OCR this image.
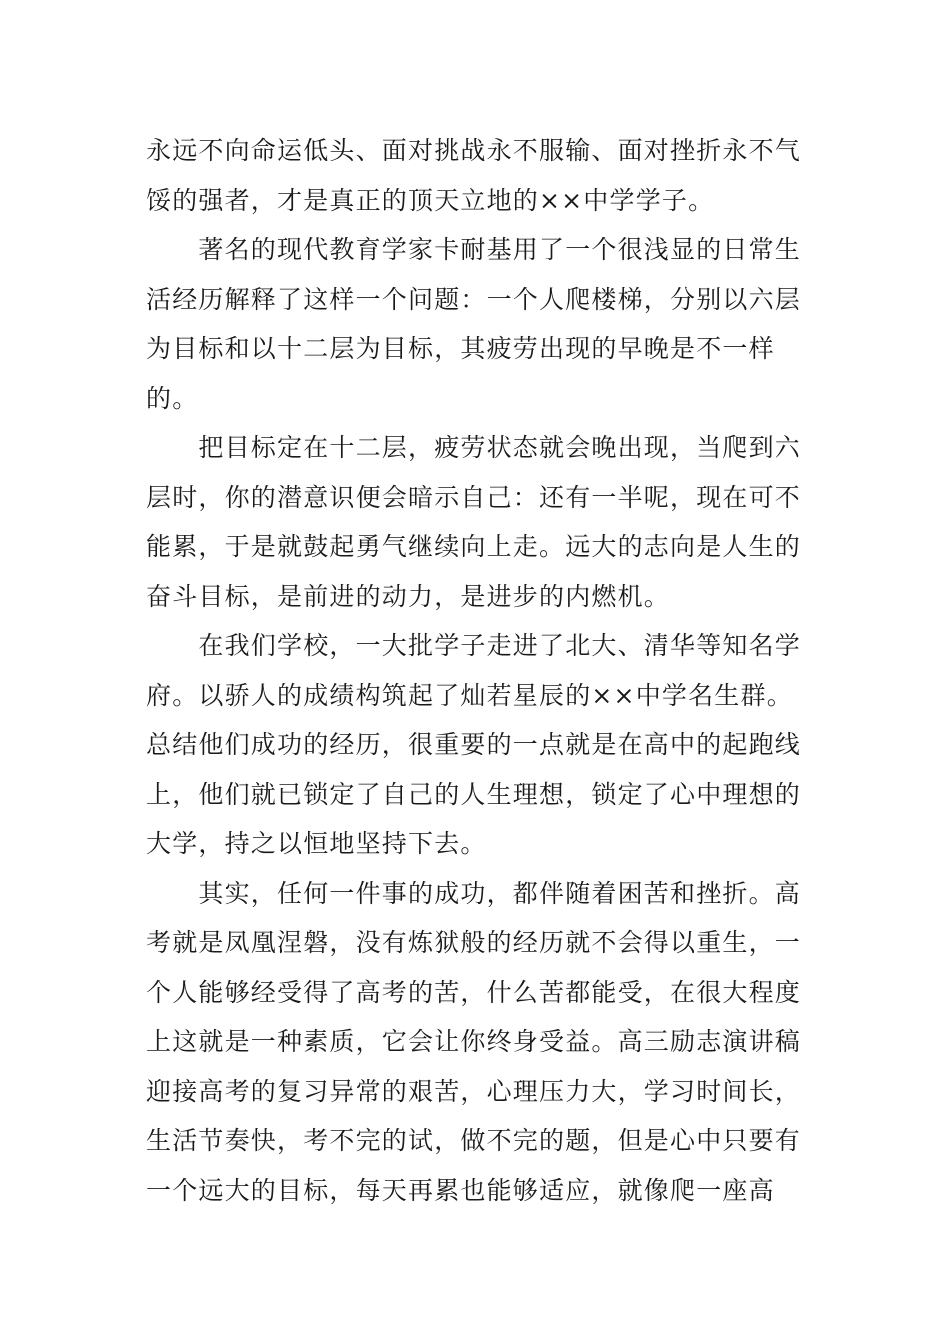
永远不向命运低头、面对挑战永不服输、面对挫折永不气
馁的强者，才是真正的顶天立地的××中学学子。
　　著名的现代教育学家卡耐基用了一个很浅显的日常生
活经历解释了这样一个问题：一个人爬楼梯，分别以六层
为目标和以十二层为目标，其疲劳出现的早晚是不一样
的。
　　把目标定在十二层，疲劳状态就会晚出现，当爬到六
层时，你的潜意识便会暗示自己：还有一半呢，现在可不
能累，于是就鼓起勇气继续向上走。远大的志向是人生的
奋斗目标，是前进的动力，是进步的内燃机。
　　在我们学校，一大批学子走进了北大、清华等知名学
府。以骄人的成绩构筑起了灿若星辰的××中学名生群。
总结他们成功的经历，很重要的一点就是在高中的起跑线
上，他们就已锁定了自己的人生理想，锁定了心中理想的
大学，持之以恒地坚持下去。
　　其实，任何一件事的成功，都伴随着困苦和挫折。高
考就是凤凰涅磐，没有炼狱般的经历就不会得以重生，一
个人能够经受得了高考的苦，什么苦都能受，在很大程度
上这就是一种素质，它会让你终身受益。高三励志演讲稿
迎接高考的复习异常的艰苦，心理压力大，学习时间长，
生活节奏快，考不完的试，做不完的题，但是心中只要有
一个远大的目标，每天再累也能够适应，就像爬一座高
